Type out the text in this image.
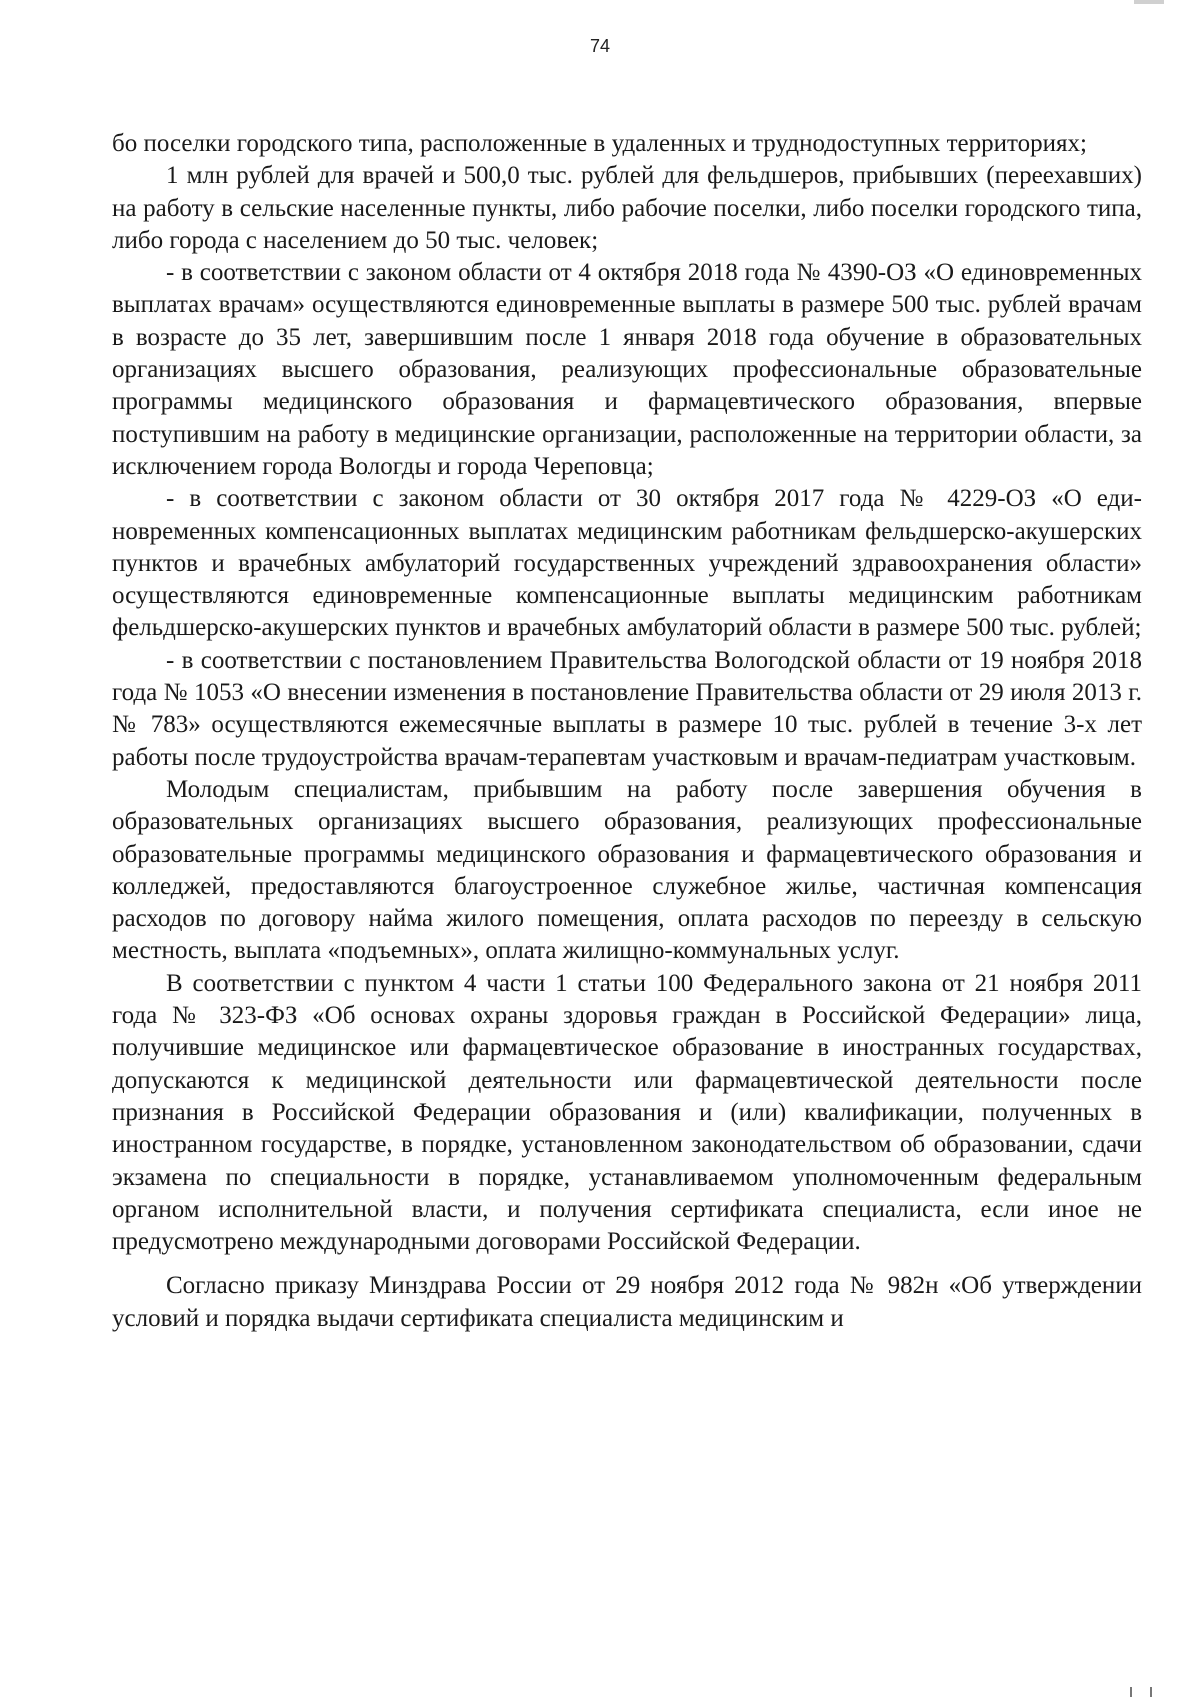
74

бо поселки городского типа, расположенные в удаленных и труднодоступных территориях;

1 млн рублей для врачей и 500,0 тыс. рублей для фельдшеров, прибывших (переехавших) на работу в сельские населенные пункты, либо рабочие поселки, либо поселки городского типа, либо города с населением до 50 тыс. человек;

- в соответствии с законом области от 4 октября 2018 года № 4390-ОЗ «О единовременных выплатах врачам» осуществляются единовременные выплаты в размере 500 тыс. рублей врачам в возрасте до 35 лет, завершившим после 1 января 2018 года обучение в образовательных организациях высшего образования, реализующих профессиональные образовательные программы медицинского образования и фармацевтического образования, впервые поступившим на работу в медицинские организации, расположенные на территории области, за исключением города Вологды и города Череповца;

- в соответствии с законом области от 30 октября 2017 года № 4229-ОЗ «О единовременных компенсационных выплатах медицинским работникам фельдшерско-акушерских пунктов и врачебных амбулаторий государственных учреждений здравоохранения области» осуществляются единовременные компенсационные выплаты медицинским работникам фельдшерско-акушерских пунктов и врачебных амбулаторий области в размере 500 тыс. рублей;

- в соответствии с постановлением Правительства Вологодской области от 19 ноября 2018 года № 1053 «О внесении изменения в постановление Правительства области от 29 июля 2013 г. № 783» осуществляются ежемесячные выплаты в размере 10 тыс. рублей в течение 3-х лет работы после трудоустройства врачам-терапевтам участковым и врачам-педиатрам участковым.

Молодым специалистам, прибывшим на работу после завершения обучения в образовательных организациях высшего образования, реализующих профессиональные образовательные программы медицинского образования и фармацевтического образования и колледжей, предоставляются благоустроенное служебное жилье, частичная компенсация расходов по договору найма жилого помещения, оплата расходов по переезду в сельскую местность, выплата «подъемных», оплата жилищно-коммунальных услуг.

В соответствии с пунктом 4 части 1 статьи 100 Федерального закона от 21 ноября 2011 года № 323-ФЗ «Об основах охраны здоровья граждан в Российской Федерации» лица, получившие медицинское или фармацевтическое образование в иностранных государствах, допускаются к медицинской деятельности или фармацевтической деятельности после признания в Российской Федерации образования и (или) квалификации, полученных в иностранном государстве, в порядке, установленном законодательством об образовании, сдачи экзамена по специальности в порядке, устанавливаемом уполномоченным федеральным органом исполнительной власти, и получения сертификата специалиста, если иное не предусмотрено международными договорами Российской Федерации.

Согласно приказу Минздрава России от 29 ноября 2012 года № 982н «Об утверждении условий и порядка выдачи сертификата специалиста медицинским и
